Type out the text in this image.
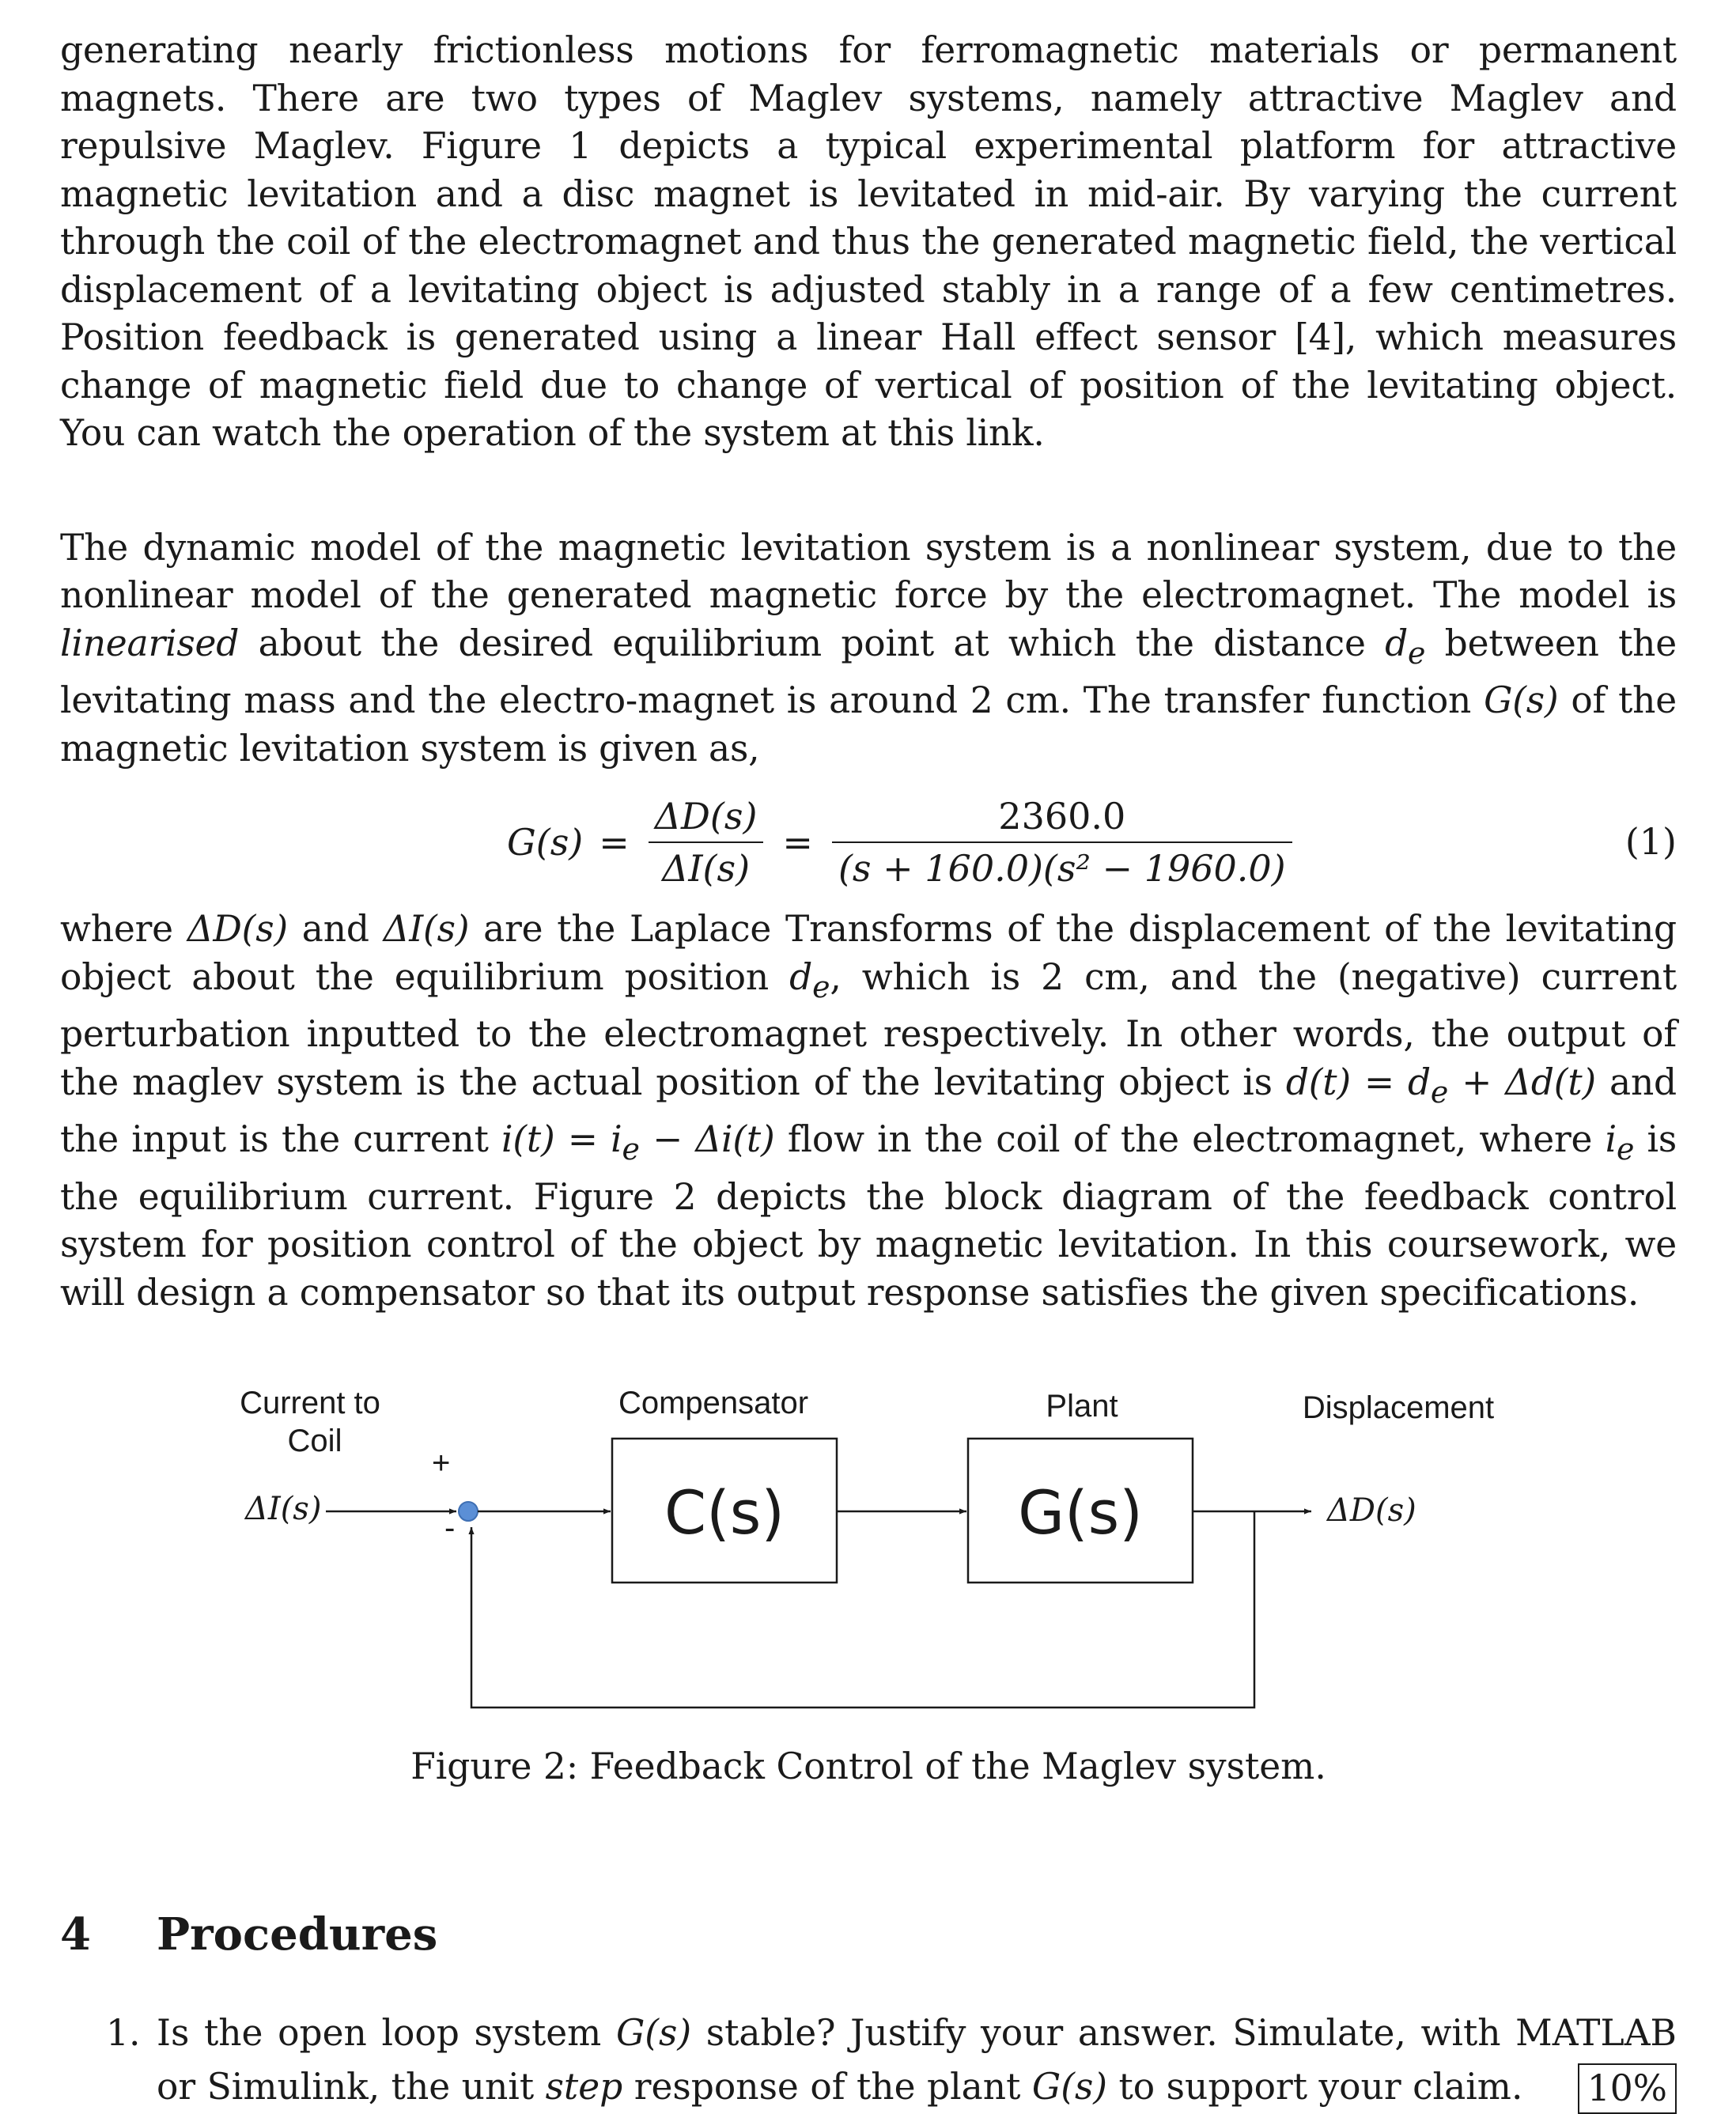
generating nearly frictionless motions for ferromagnetic materials or permanent magnets. There are two types of Maglev systems, namely attractive Maglev and repulsive Maglev. Figure 1 depicts a typical experimental platform for attractive magnetic levitation and a disc magnet is levitated in mid-air. By varying the current through the coil of the electromagnet and thus the generated magnetic field, the vertical displacement of a levitating object is adjusted stably in a range of a few centimetres. Position feedback is generated using a linear Hall effect sensor [4], which measures change of magnetic field due to change of vertical of position of the levitating object. You can watch the operation of the system at this link.

The dynamic model of the magnetic levitation system is a nonlinear system, due to the nonlinear model of the generated magnetic force by the electromagnet. The model is linearised about the desired equilibrium point at which the distance $d_e$ between the levitating mass and the electro-magnet is around 2 cm. The transfer function G(s) of the magnetic levitation system is given as,

$G(s) = \frac{\Delta D(s)}{\Delta I(s)} = \frac{2360.0}{\text{(s + 160.0)(s² − 1960.0)}}$	(1)

where ΔD(s) and ΔI(s) are the Laplace Transforms of the displacement of the levitating object about the equilibrium position $d_e$, which is 2 cm, and the (negative) current perturbation inputted to the electromagnet respectively. In other words, the output of the maglev system is the actual position of the levitating object is $d(t) = d_e + \Delta d(t)$ and the input is the current $i(t) = i_e - \Delta i(t)$ flow in the coil of the electromagnet, where $i_e$ is the equilibrium current. Figure 2 depicts the block diagram of the feedback control system for position control of the object by magnetic levitation. In this coursework, we will design a compensator so that its output response satisfies the given specifications.

Current to
Coil
Compensator	Plant	Displacement
ΔI(s)	ΔD(s)
+
-	C(s)	G(s)
Figure 2: Feedback Control of the Maglev system.
4 Procedures
1. Is the open loop system G(s) stable? Justify your answer. Simulate, with MATLAB or Simulink, the unit step response of the plant G(s) to support your claim. 10%
